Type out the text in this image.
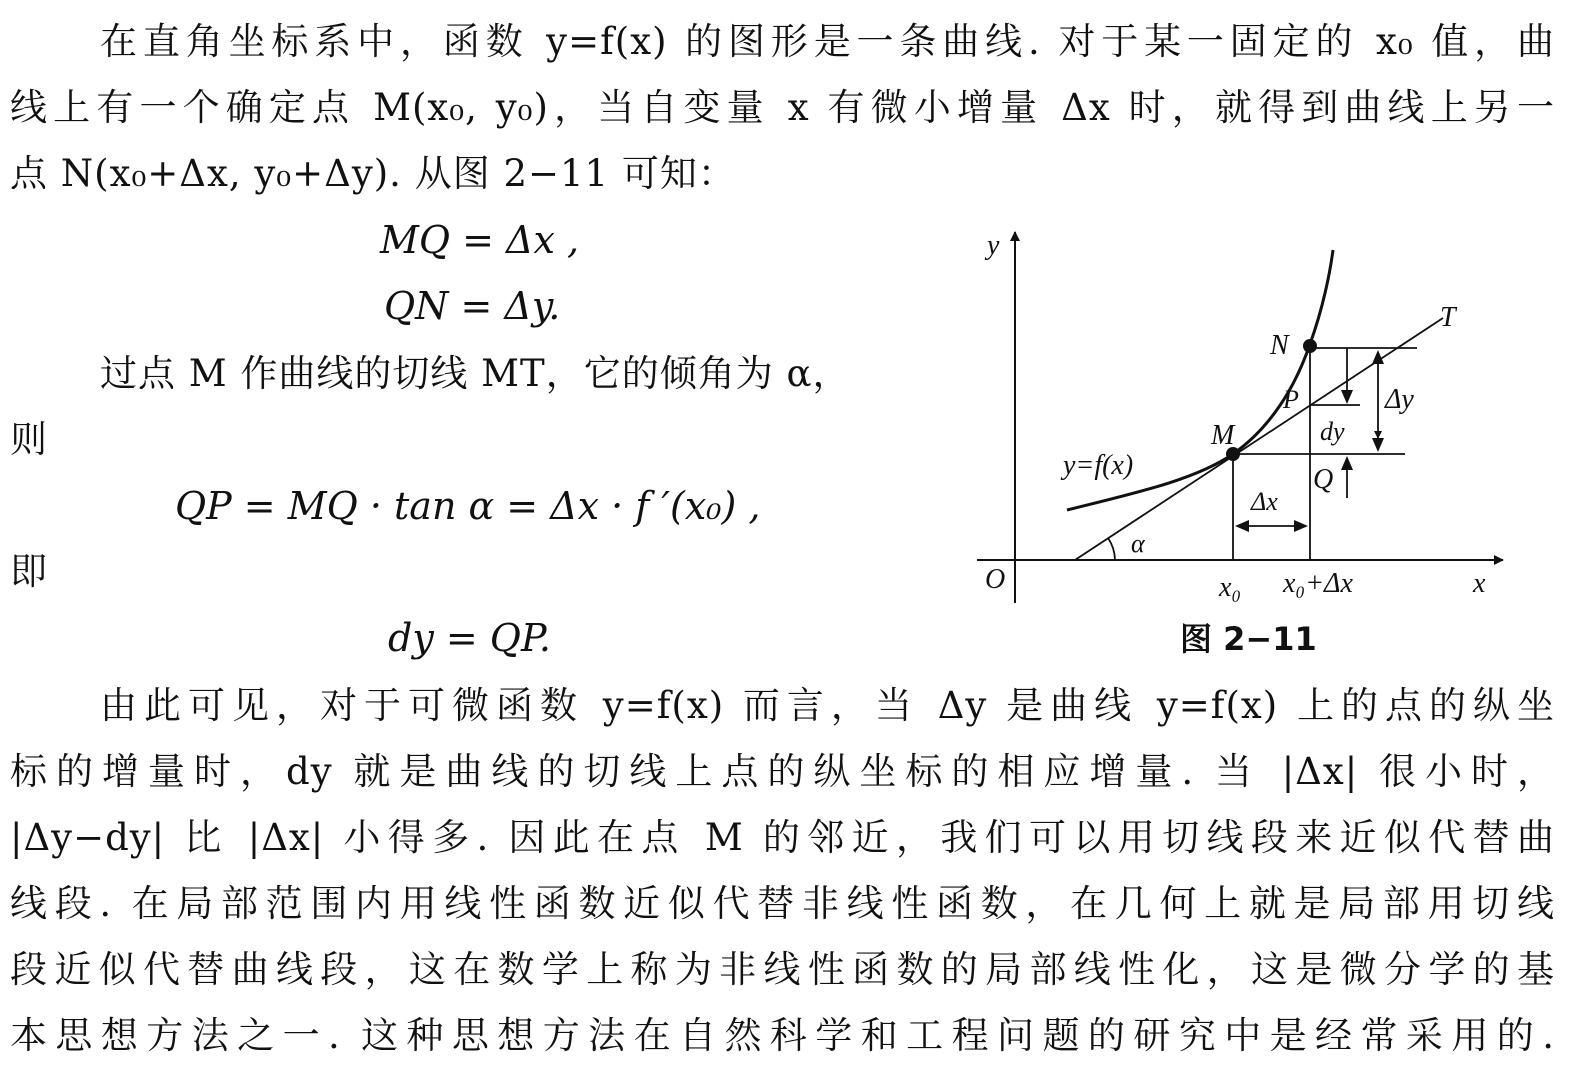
在直角坐标系中，函数 y=f(x) 的图形是一条曲线. 对于某一固定的 x₀ 值，曲
线上有一个确定点 M(x₀, y₀)，当自变量 x 有微小增量 Δx 时，就得到曲线上另一
点 N(x₀+Δx, y₀+Δy). 从图 2−11 可知：
MQ = Δx ,
QN = Δy.
过点 M 作曲线的切线 MT，它的倾角为 α，
则
QP = MQ · tan α = Δx · f ′(x₀) ,
即
dy = QP.
y
x
O
N
T
P
M
Q
y=f(x)
α
dy
Δy
Δx
x₀ x₀+Δx
图 2−11
由此可见，对于可微函数 y=f(x) 而言，当 Δy 是曲线 y=f(x) 上的点的纵坐
标的增量时，dy 就是曲线的切线上点的纵坐标的相应增量. 当 |Δx| 很小时，
|Δy−dy| 比 |Δx| 小得多. 因此在点 M 的邻近，我们可以用切线段来近似代替曲
线段. 在局部范围内用线性函数近似代替非线性函数，在几何上就是局部用切线
段近似代替曲线段，这在数学上称为非线性函数的局部线性化，这是微分学的基
本思想方法之一. 这种思想方法在自然科学和工程问题的研究中是经常采用的.
